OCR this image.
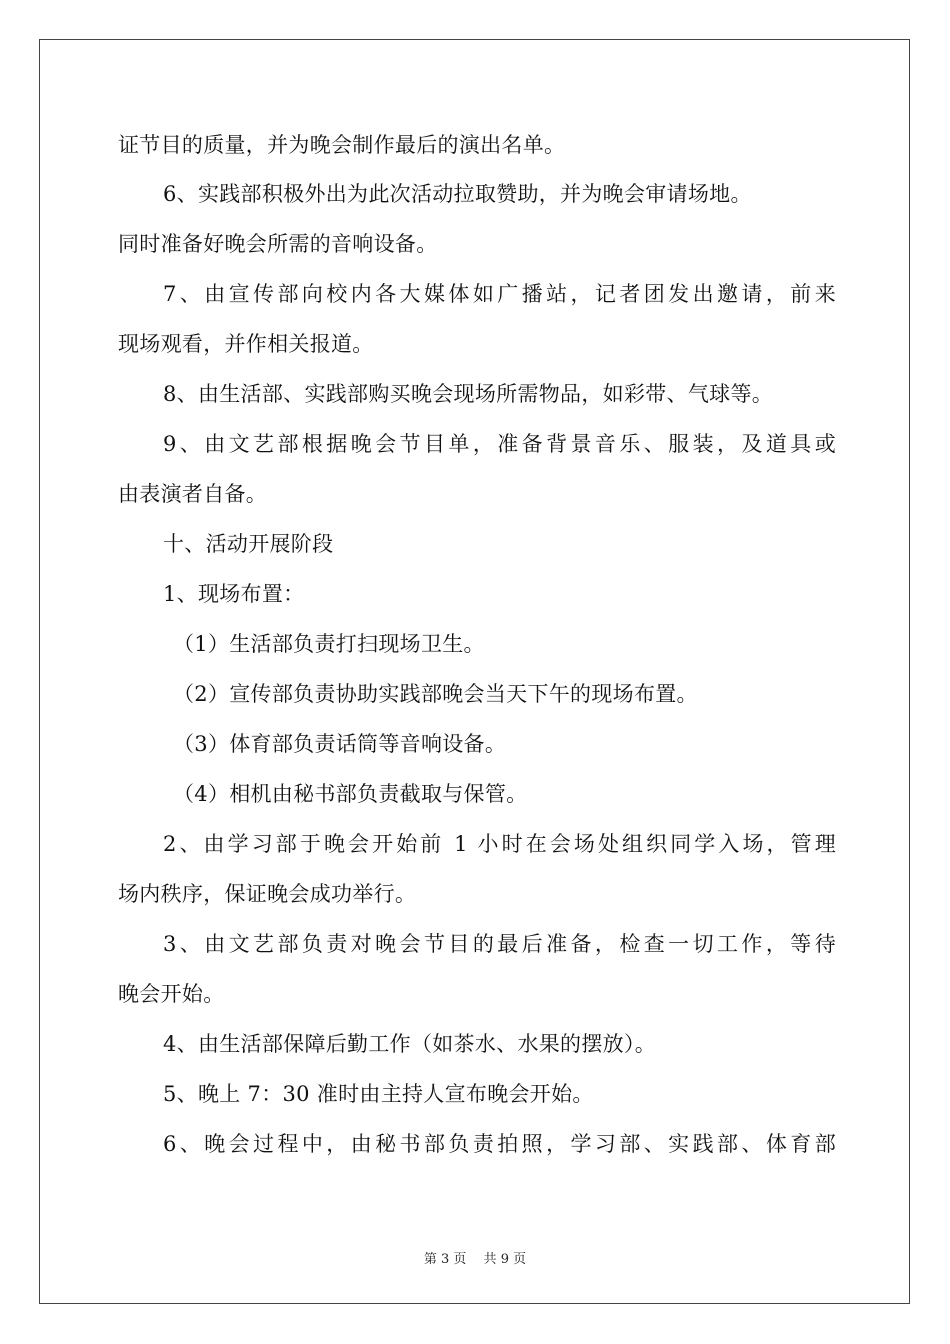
证节目的质量，并为晚会制作最后的演出名单。
6、实践部积极外出为此次活动拉取赞助，并为晚会审请场地。
同时准备好晚会所需的音响设备。
7、由宣传部向校内各大媒体如广播站，记者团发出邀请，前来
现场观看，并作相关报道。
8、由生活部、实践部购买晚会现场所需物品，如彩带、气球等。
9、由文艺部根据晚会节目单，准备背景音乐、服装，及道具或
由表演者自备。
十、活动开展阶段
1、现场布置：
（1）生活部负责打扫现场卫生。
（2）宣传部负责协助实践部晚会当天下午的现场布置。
（3）体育部负责话筒等音响设备。
（4）相机由秘书部负责截取与保管。
2、由学习部于晚会开始前 1 小时在会场处组织同学入场，管理
场内秩序，保证晚会成功举行。
3、由文艺部负责对晚会节目的最后准备，检查一切工作，等待
晚会开始。
4、由生活部保障后勤工作（如茶水、水果的摆放）。
5、晚上 7：30 准时由主持人宣布晚会开始。
6、晚会过程中，由秘书部负责拍照，学习部、实践部、体育部
第 3 页　 共 9 页
